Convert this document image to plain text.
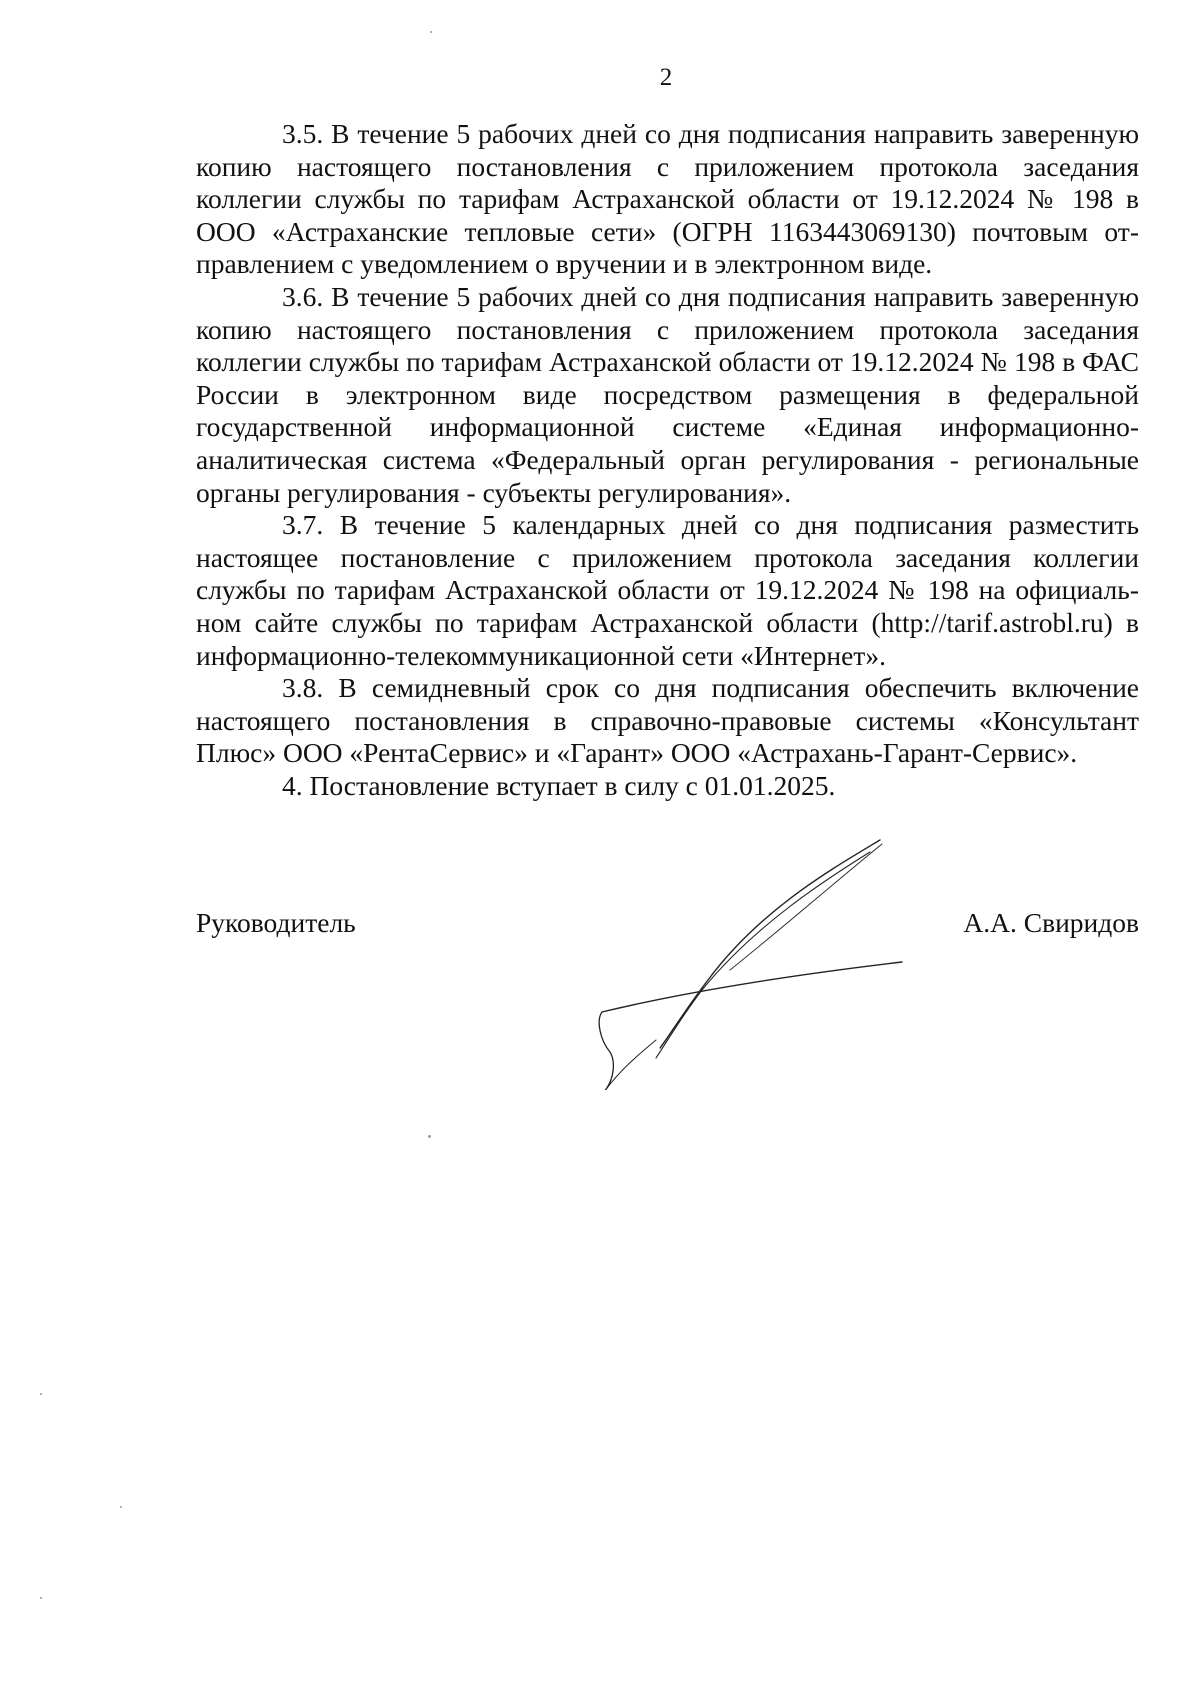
2

3.5. В течение 5 рабочих дней со дня подписания направить заверенную копию настоящего постановления с приложением протокола заседания коллегии службы по тарифам Астраханской области от 19.12.2024 № 198 в ООО «Астраханские тепловые сети» (ОГРН 1163443069130) почтовым отправлением с уведомлением о вручении и в электронном виде.

3.6. В течение 5 рабочих дней со дня подписания направить заверенную копию настоящего постановления с приложением протокола заседания коллегии службы по тарифам Астраханской области от 19.12.2024 № 198 в ФАС России в электронном виде посредством размещения в федеральной государственной информационной системе «Единая информационно-аналитическая система «Федеральный орган регулирования - региональные органы регулирования - субъекты регулирования».

3.7. В течение 5 календарных дней со дня подписания разместить настоящее постановление с приложением протокола заседания коллегии службы по тарифам Астраханской области от 19.12.2024 № 198 на официальном сайте службы по тарифам Астраханской области (http://tarif.astrobl.ru) в информационно-телекоммуникационной сети «Интернет».

3.8. В семидневный срок со дня подписания обеспечить включение настоящего постановления в справочно-правовые системы «Консультант Плюс» ООО «РентаСервис» и «Гарант» ООО «Астрахань-Гарант-Сервис».

4. Постановление вступает в силу с 01.01.2025.

Руководитель	А.А. Свиридов
